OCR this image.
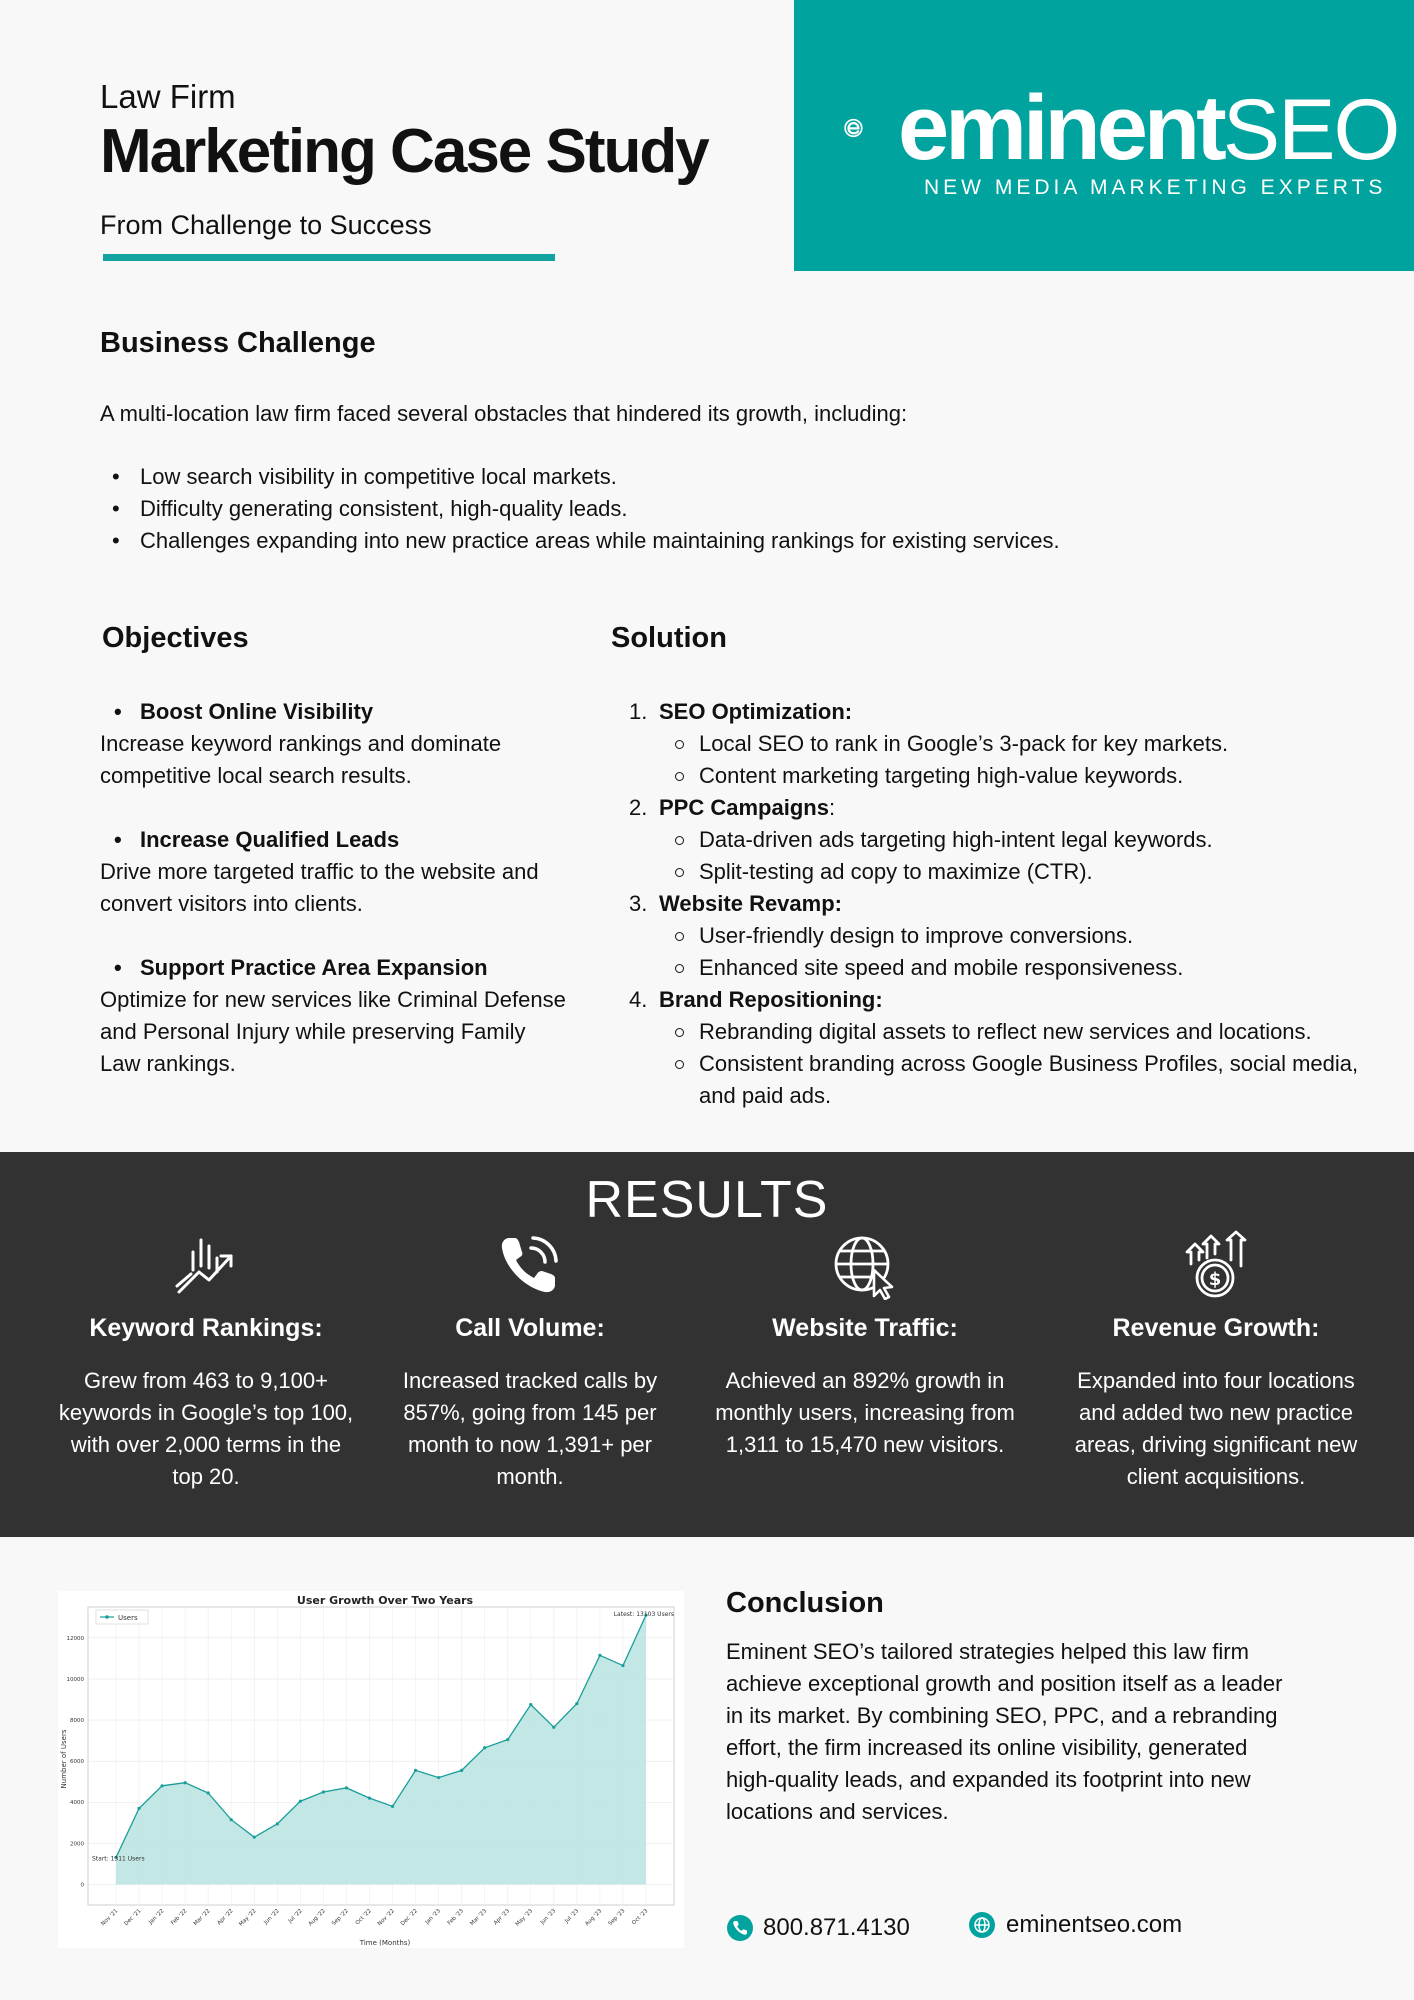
Law Firm
Marketing Case Study
From Challenge to Success
eminentSEO
NEW MEDIA MARKETING EXPERTS
Business Challenge
A multi-location law firm faced several obstacles that hindered its growth, including:
• Low search visibility in competitive local markets.
• Difficulty generating consistent, high-quality leads.
• Challenges expanding into new practice areas while maintaining rankings for existing services.
Objectives
• Boost Online Visibility
Increase keyword rankings and dominate competitive local search results.
• Increase Qualified Leads
Drive more targeted traffic to the website and convert visitors into clients.
• Support Practice Area Expansion
Optimize for new services like Criminal Defense and Personal Injury while preserving Family Law rankings.
Solution
1. SEO Optimization:
Local SEO to rank in Google’s 3-pack for key markets.
Content marketing targeting high-value keywords.
2. PPC Campaigns:
Data-driven ads targeting high-intent legal keywords.
Split-testing ad copy to maximize (CTR).
3. Website Revamp:
User-friendly design to improve conversions.
Enhanced site speed and mobile responsiveness.
4. Brand Repositioning:
Rebranding digital assets to reflect new services and locations.
Consistent branding across Google Business Profiles, social media, and paid ads.
RESULTS
Keyword Rankings:
Grew from 463 to 9,100+ keywords in Google’s top 100, with over 2,000 terms in the top 20.
Call Volume:
Increased tracked calls by 857%, going from 145 per month to now 1,391+ per month.
Website Traffic:
Achieved an 892% growth in monthly users, increasing from 1,311 to 15,470 new visitors.
$
Revenue Growth:
Expanded into four locations and added two new practice areas, driving significant new client acquisitions.
User Growth Over Two Years
0
2000
4000
6000
8000
10000
12000
Nov '21 Dec '21 Jan '22 Feb '22 Mar '22 Apr '22 May '22 Jun '22 Jul '22 Aug '22 Sep '22 Oct '22 Nov '22 Dec '22 Jan '23 Feb '23 Mar '23 Apr '23 May '23 Jun '23 Jul '23 Aug '23 Sep '23 Oct '23
Time (Months)
Number of Users
Users	Latest: 13103 Users
Start: 1311 Users
Conclusion
Eminent SEO’s tailored strategies helped this law firm achieve exceptional growth and position itself as a leader in its market. By combining SEO, PPC, and a rebranding effort, the firm increased its online visibility, generated high-quality leads, and expanded its footprint into new locations and services.
800.871.4130	eminentseo.com
